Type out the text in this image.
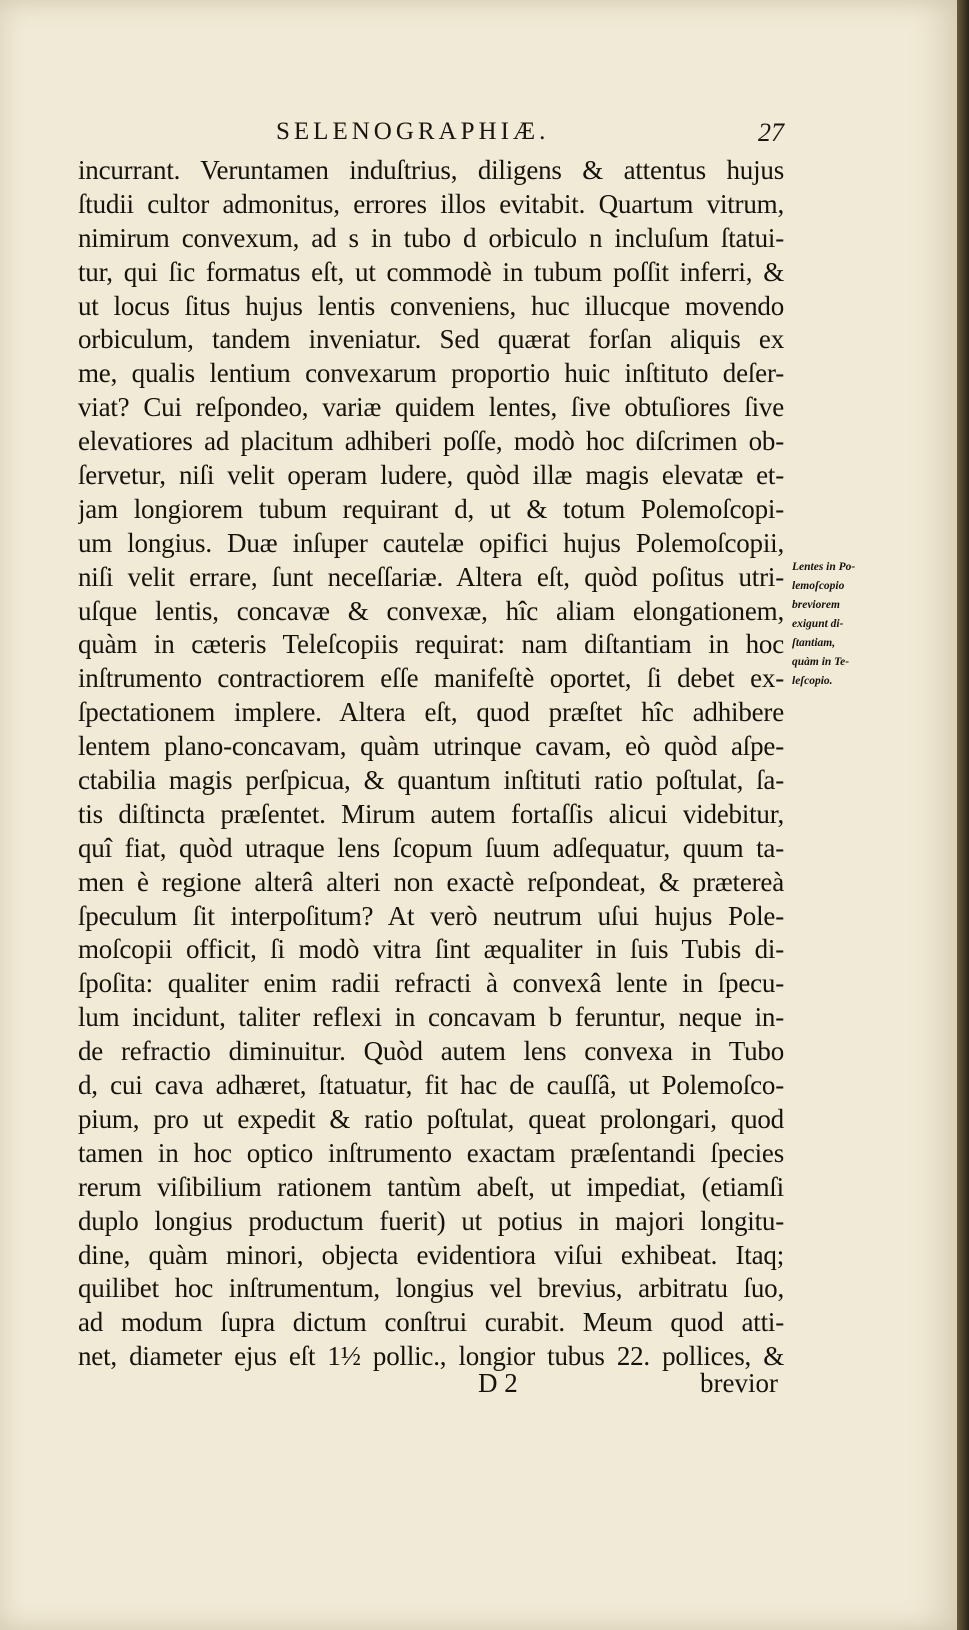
SELENOGRAPHIÆ.	27
incurrant. Veruntamen induſtrius, diligens & attentus hujus
ſtudii cultor admonitus, errores illos evitabit. Quartum vitrum,
nimirum convexum, ad s in tubo d orbiculo n incluſum ſtatui-
tur, qui ſic formatus eſt, ut commodè in tubum poſſit inferri, &
ut locus ſitus hujus lentis conveniens, huc illucque movendo
orbiculum, tandem inveniatur. Sed quærat forſan aliquis ex
me, qualis lentium convexarum proportio huic inſtituto deſer-
viat? Cui reſpondeo, variæ quidem lentes, ſive obtuſiores ſive
elevatiores ad placitum adhiberi poſſe, modò hoc diſcrimen ob-
ſervetur, niſi velit operam ludere, quòd illæ magis elevatæ et-
jam longiorem tubum requirant d, ut & totum Polemoſcopi-
um longius. Duæ inſuper cautelæ opifici hujus Polemoſcopii,
niſi velit errare, ſunt neceſſariæ. Altera eſt, quòd poſitus utri-
uſque lentis, concavæ & convexæ, hîc aliam elongationem,
quàm in cæteris Teleſcopiis requirat: nam diſtantiam in hoc
inſtrumento contractiorem eſſe manifeſtè oportet, ſi debet ex-
ſpectationem implere. Altera eſt, quod præſtet hîc adhibere
lentem plano-concavam, quàm utrinque cavam, eò quòd aſpe-
ctabilia magis perſpicua, & quantum inſtituti ratio poſtulat, ſa-
tis diſtincta præſentet. Mirum autem fortaſſis alicui videbitur,
quî fiat, quòd utraque lens ſcopum ſuum adſequatur, quum ta-
men è regione alterâ alteri non exactè reſpondeat, & prætereà
ſpeculum ſit interpoſitum? At verò neutrum uſui hujus Pole-
moſcopii officit, ſi modò vitra ſint æqualiter in ſuis Tubis di-
ſpoſita: qualiter enim radii refracti à convexâ lente in ſpecu-
lum incidunt, taliter reflexi in concavam b feruntur, neque in-
de refractio diminuitur. Quòd autem lens convexa in Tubo
d, cui cava adhæret, ſtatuatur, fit hac de cauſſâ, ut Polemoſco-
pium, pro ut expedit & ratio poſtulat, queat prolongari, quod
tamen in hoc optico inſtrumento exactam præſentandi ſpecies
rerum viſibilium rationem tantùm abeſt, ut impediat, (etiamſi
duplo longius productum fuerit) ut potius in majori longitu-
dine, quàm minori, objecta evidentiora viſui exhibeat. Itaq;
quilibet hoc inſtrumentum, longius vel brevius, arbitratu ſuo,
ad modum ſupra dictum conſtrui curabit. Meum quod atti-
net, diameter ejus eſt 1½ pollic., longior tubus 22. pollices, &
Lentes in Po-
lemoſcopio
breviorem
exigunt di-
ſtantiam,
quàm in Te-
leſcopio.
D 2	brevior
